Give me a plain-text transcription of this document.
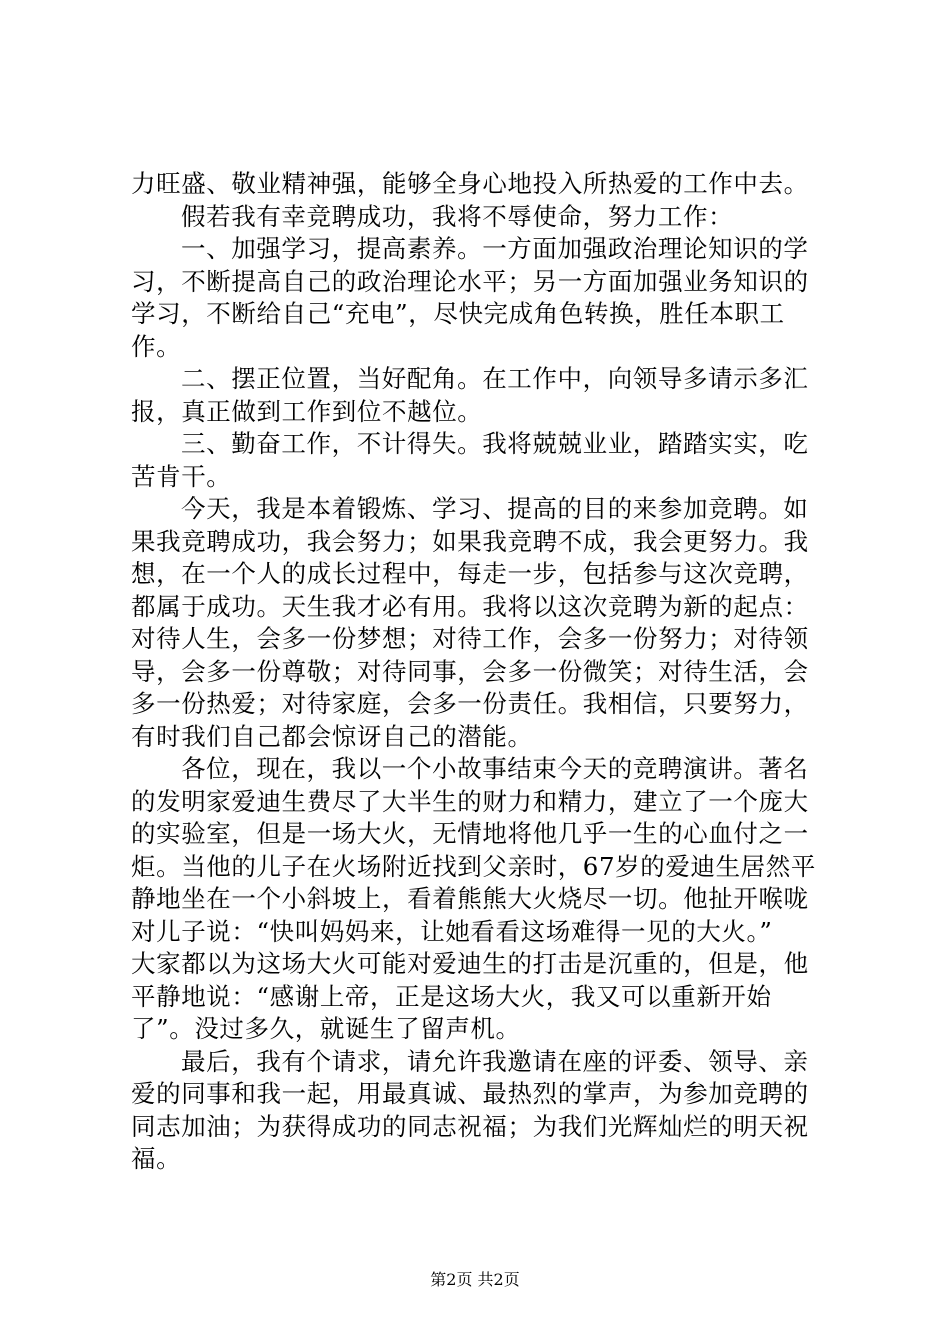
力旺盛、敬业精神强，能够全身心地投入所热爱的工作中去。
假若我有幸竞聘成功，我将不辱使命，努力工作：
一、加强学习，提高素养。一方面加强政治理论知识的学
习，不断提高自己的政治理论水平；另一方面加强业务知识的
学习，不断给自己“充电”，尽快完成角色转换，胜任本职工
作。
二、摆正位置，当好配角。在工作中，向领导多请示多汇
报，真正做到工作到位不越位。
三、勤奋工作，不计得失。我将兢兢业业，踏踏实实，吃
苦肯干。
今天，我是本着锻炼、学习、提高的目的来参加竞聘。如
果我竞聘成功，我会努力；如果我竞聘不成，我会更努力。我
想，在一个人的成长过程中，每走一步，包括参与这次竞聘，
都属于成功。天生我才必有用。我将以这次竞聘为新的起点：
对待人生，会多一份梦想；对待工作，会多一份努力；对待领
导，会多一份尊敬；对待同事，会多一份微笑；对待生活，会
多一份热爱；对待家庭，会多一份责任。我相信，只要努力，
有时我们自己都会惊讶自己的潜能。
各位，现在，我以一个小故事结束今天的竞聘演讲。著名
的发明家爱迪生费尽了大半生的财力和精力，建立了一个庞大
的实验室，但是一场大火，无情地将他几乎一生的心血付之一
炬。当他的儿子在火场附近找到父亲时，67岁的爱迪生居然平
静地坐在一个小斜坡上，看着熊熊大火烧尽一切。他扯开喉咙
对儿子说：“快叫妈妈来，让她看看这场难得一见的大火。”
大家都以为这场大火可能对爱迪生的打击是沉重的，但是，他
平静地说：“感谢上帝，正是这场大火，我又可以重新开始
了”。没过多久，就诞生了留声机。
最后，我有个请求，请允许我邀请在座的评委、领导、亲
爱的同事和我一起，用最真诚、最热烈的掌声，为参加竞聘的
同志加油；为获得成功的同志祝福；为我们光辉灿烂的明天祝
福。
第2页 共2页
